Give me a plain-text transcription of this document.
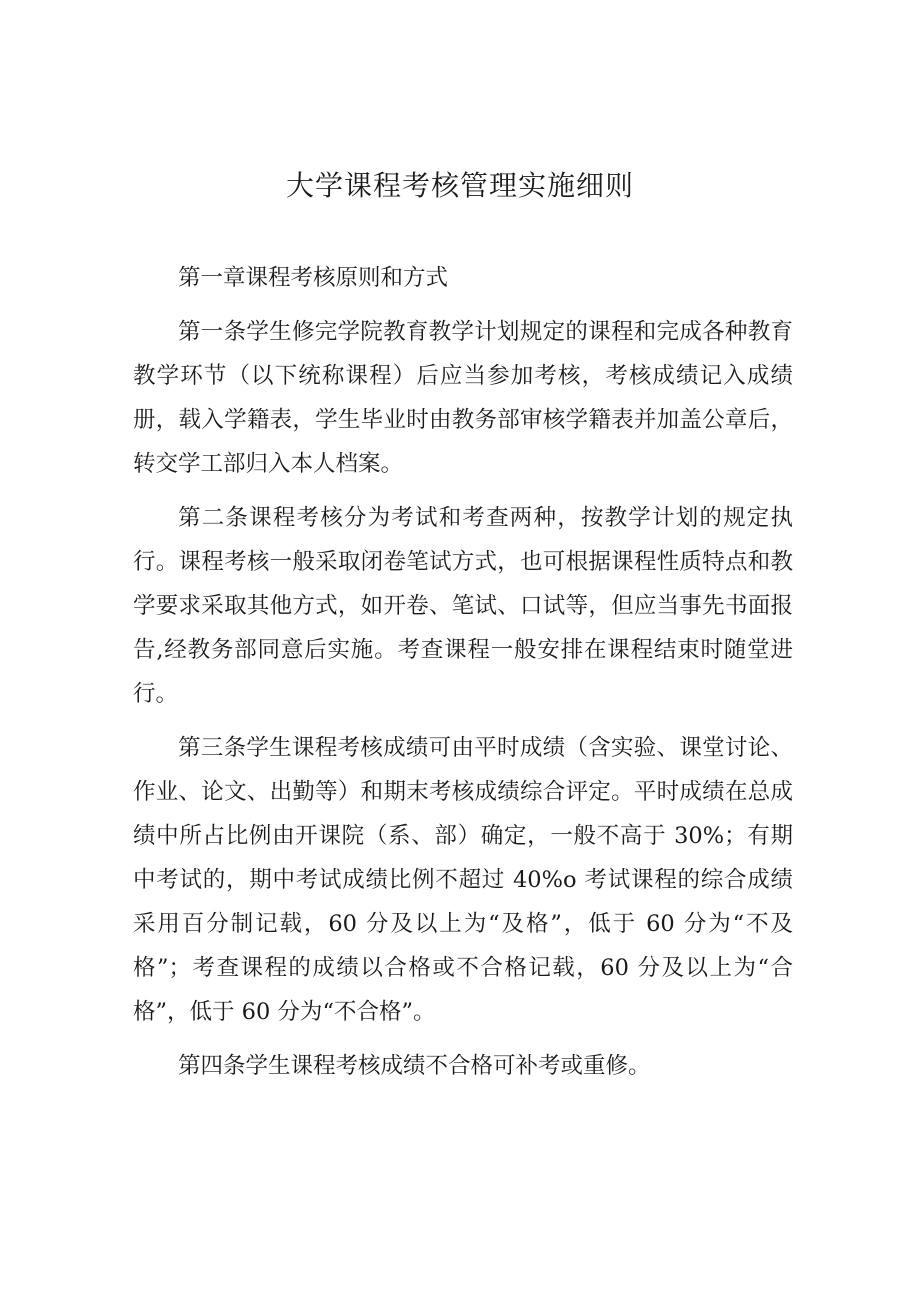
大学课程考核管理实施细则

第一章课程考核原则和方式

第一条学生修完学院教育教学计划规定的课程和完成各种教育教学环节（以下统称课程）后应当参加考核，考核成绩记入成绩册，载入学籍表，学生毕业时由教务部审核学籍表并加盖公章后，转交学工部归入本人档案。

第二条课程考核分为考试和考查两种，按教学计划的规定执行。课程考核一般采取闭卷笔试方式，也可根据课程性质特点和教学要求采取其他方式，如开卷、笔试、口试等，但应当事先书面报告,经教务部同意后实施。考查课程一般安排在课程结束时随堂进行。

第三条学生课程考核成绩可由平时成绩（含实验、课堂讨论、作业、论文、出勤等）和期末考核成绩综合评定。平时成绩在总成绩中所占比例由开课院（系、部）确定，一般不高于 30%；有期中考试的，期中考试成绩比例不超过 40%o 考试课程的综合成绩采用百分制记载，60 分及以上为“及格”，低于 60 分为“不及格”；考查课程的成绩以合格或不合格记载，60 分及以上为“合格”，低于 60 分为“不合格”。

第四条学生课程考核成绩不合格可补考或重修。
